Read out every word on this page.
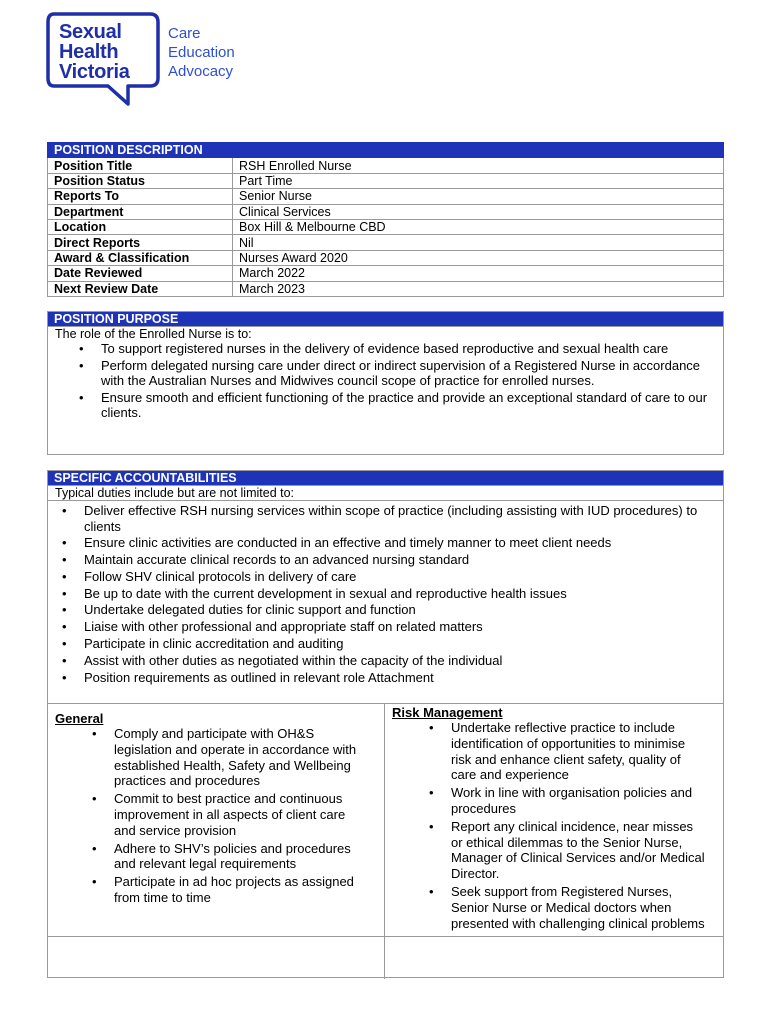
Sexual
Health
Victoria
Care
Education
Advocacy
POSITION DESCRIPTION	
Position Title	RSH Enrolled Nurse
Position Status	Part Time
Reports To	Senior Nurse
Department	Clinical Services
Location	Box Hill & Melbourne CBD
Direct Reports	Nil
Award & Classification	Nurses Award 2020
Date Reviewed	March 2022
Next Review Date	March 2023
POSITION PURPOSE
The role of the Enrolled Nurse is to:
• To support registered nurses in the delivery of evidence based reproductive and sexual health care
• Perform delegated nursing care under direct or indirect supervision of a Registered Nurse in accordance with the Australian Nurses and Midwives council scope of practice for enrolled nurses.
• Ensure smooth and efficient functioning of the practice and provide an exceptional standard of care to our clients.
SPECIFIC ACCOUNTABILITIES
Typical duties include but are not limited to:
• Deliver effective RSH nursing services within scope of practice (including assisting with IUD procedures) to clients
• Ensure clinic activities are conducted in an effective and timely manner to meet client needs
• Maintain accurate clinical records to an advanced nursing standard
• Follow SHV clinical protocols in delivery of care
• Be up to date with the current development in sexual and reproductive health issues
• Undertake delegated duties for clinic support and function
• Liaise with other professional and appropriate staff on related matters
• Participate in clinic accreditation and auditing
• Assist with other duties as negotiated within the capacity of the individual
• Position requirements as outlined in relevant role Attachment
General
• Comply and participate with OH&S legislation and operate in accordance with established Health, Safety and Wellbeing practices and procedures
• Commit to best practice and continuous improvement in all aspects of client care and service provision
• Adhere to SHV’s policies and procedures and relevant legal requirements
• Participate in ad hoc projects as assigned from time to time
Risk Management
• Undertake reflective practice to include identification of opportunities to minimise risk and enhance client safety, quality of care and experience
• Work in line with organisation policies and procedures
• Report any clinical incidence, near misses or ethical dilemmas to the Senior Nurse, Manager of Clinical Services and/or Medical Director.
• Seek support from Registered Nurses, Senior Nurse or Medical doctors when presented with challenging clinical problems
